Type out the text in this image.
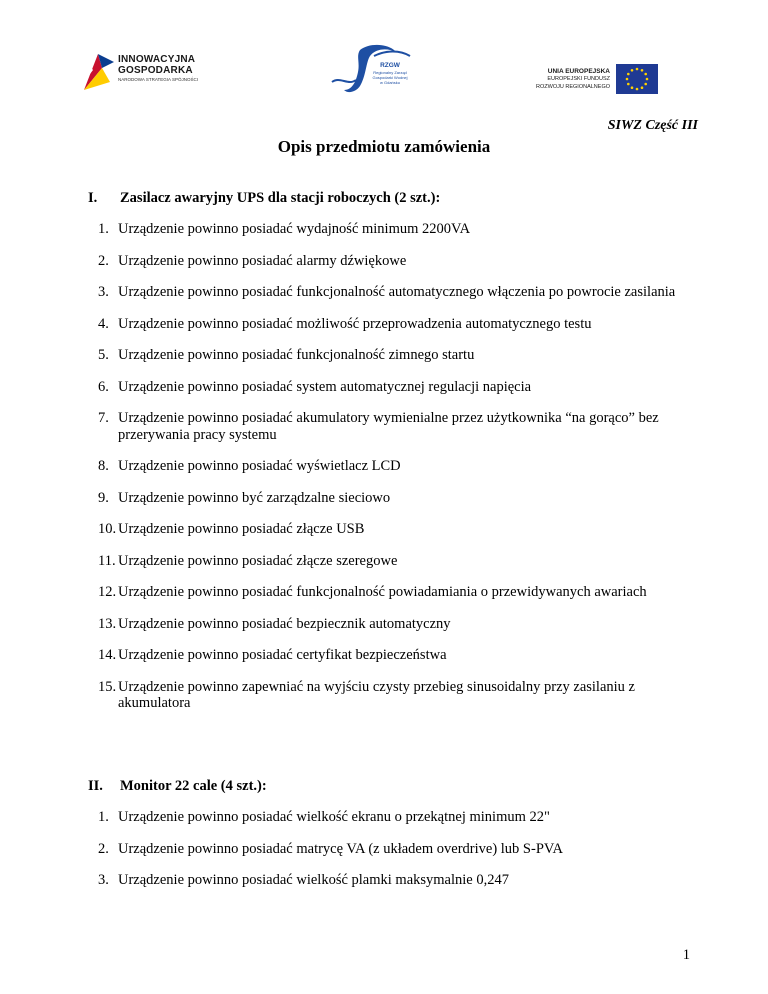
INNOWACYJNA
GOSPODARKA
NARODOWA STRATEGIA SPÓJNOŚCI
RZGW
Regionalny Zarząd
Gospodarki Wodnej
w Gdańsku
UNIA EUROPEJSKA
EUROPEJSKI FUNDUSZ
ROZWOJU REGIONALNEGO
SIWZ Część III
Opis przedmiotu zamówienia
I. Zasilacz awaryjny UPS dla stacji roboczych (2 szt.):
1. Urządzenie powinno posiadać wydajność minimum 2200VA
2. Urządzenie powinno posiadać alarmy dźwiękowe
3. Urządzenie powinno posiadać funkcjonalność automatycznego włączenia po powrocie zasilania
4. Urządzenie powinno posiadać możliwość przeprowadzenia automatycznego testu
5. Urządzenie powinno posiadać funkcjonalność zimnego startu
6. Urządzenie powinno posiadać system automatycznej regulacji napięcia
7. Urządzenie powinno posiadać akumulatory wymienialne przez użytkownika “na gorąco” bez przerywania pracy systemu
8. Urządzenie powinno posiadać wyświetlacz LCD
9. Urządzenie powinno być zarządzalne sieciowo
10. Urządzenie powinno posiadać złącze USB
11. Urządzenie powinno posiadać złącze szeregowe
12. Urządzenie powinno posiadać funkcjonalność powiadamiania o przewidywanych awariach
13. Urządzenie powinno posiadać bezpiecznik automatyczny
14. Urządzenie powinno posiadać certyfikat bezpieczeństwa
15. Urządzenie powinno zapewniać na wyjściu czysty przebieg sinusoidalny przy zasilaniu z akumulatora
II. Monitor 22 cale (4 szt.):
1. Urządzenie powinno posiadać wielkość ekranu o przekątnej minimum 22"
2. Urządzenie powinno posiadać matrycę VA (z układem overdrive) lub S-PVA
3. Urządzenie powinno posiadać wielkość plamki maksymalnie 0,247
1
